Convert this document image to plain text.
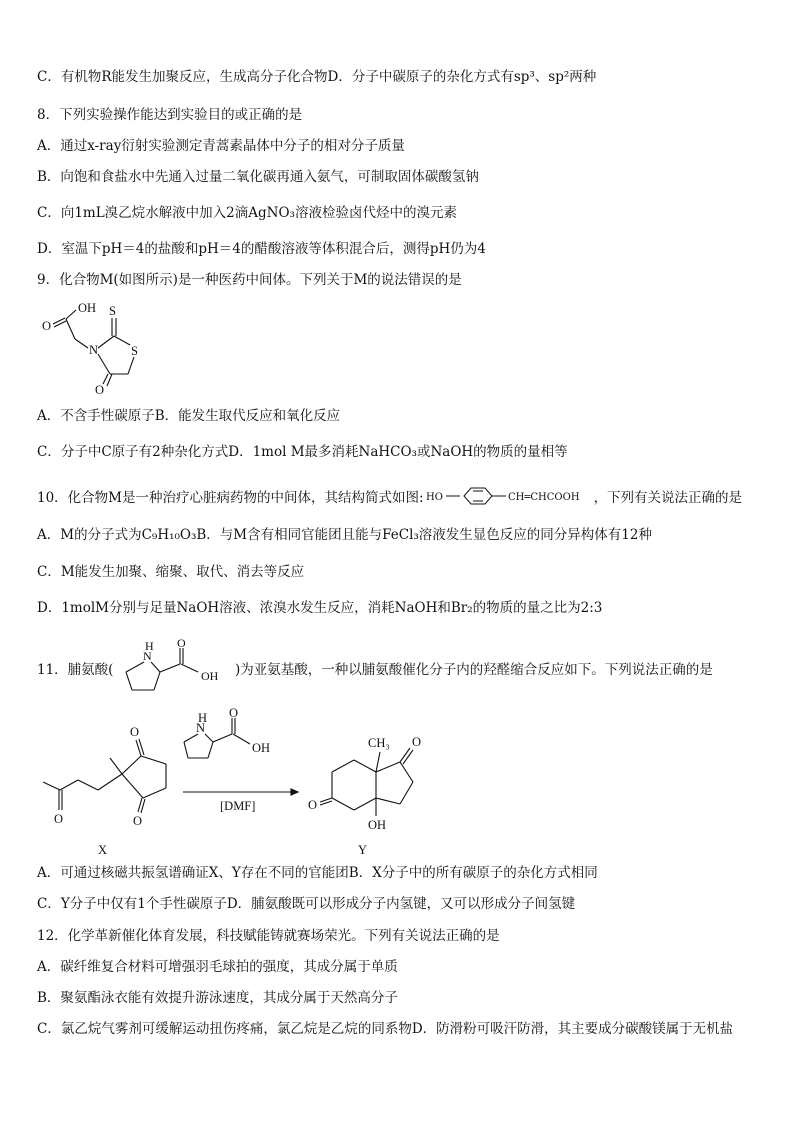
C．有机物R能发生加聚反应，生成高分子化合物D．分子中碳原子的杂化方式有sp³、sp²两种
8．下列实验操作能达到实验目的或正确的是
A．通过x-ray衍射实验测定青蒿素晶体中分子的相对分子质量
B．向饱和食盐水中先通入过量二氧化碳再通入氨气，可制取固体碳酸氢钠
C．向1mL溴乙烷水解液中加入2滴AgNO₃溶液检验卤代烃中的溴元素
D．室温下pH＝4的盐酸和pH＝4的醋酸溶液等体积混合后，测得pH仍为4
9．化合物M(如图所示)是一种医药中间体。下列关于M的说法错误的是
OH
O
N
S
S
O
A．不含手性碳原子B．能发生取代反应和氧化反应
C．分子中C原子有2种杂化方式D．1mol M最多消耗NaHCO₃或NaOH的物质的量相等
10．化合物M是一种治疗心脏病药物的中间体，其结构简式如图: HO	CH═CHCOOH ，下列有关说法正确的是
A．M的分子式为C₉H₁₀O₃B．与M含有相同官能团且能与FeCl₃溶液发生显色反应的同分异构体有12种
C．M能发生加聚、缩聚、取代、消去等反应
D．1molM分别与足量NaOH溶液、浓溴水发生反应，消耗NaOH和Br₂的物质的量之比为2:3
11．脯氨酸(
N
H O
OH )为亚氨基酸，一种以脯氨酸催化分子内的羟醛缩合反应如下。下列说法正确的是
O
O
O
N
H O
OH
[DMF]	O
CH₃ O
OH
X	Y
A．可通过核磁共振氢谱确证X、Y存在不同的官能团B．X分子中的所有碳原子的杂化方式相同
C．Y分子中仅有1个手性碳原子D．脯氨酸既可以形成分子内氢键，又可以形成分子间氢键
12．化学革新催化体育发展，科技赋能铸就赛场荣光。下列有关说法正确的是
A．碳纤维复合材料可增强羽毛球拍的强度，其成分属于单质
B．聚氨酯泳衣能有效提升游泳速度，其成分属于天然高分子
C．氯乙烷气雾剂可缓解运动扭伤疼痛，氯乙烷是乙烷的同系物D．防滑粉可吸汗防滑，其主要成分碳酸镁属于无机盐
